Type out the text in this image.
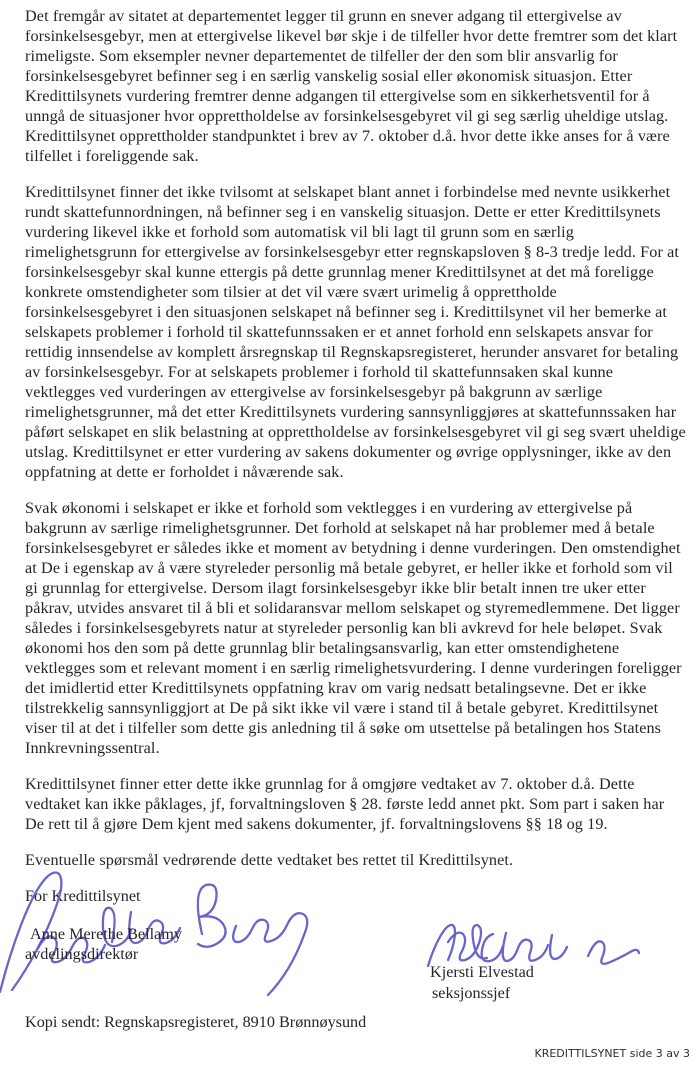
Det fremgår av sitatet at departementet legger til grunn en snever adgang til ettergivelse av forsinkelsesgebyr, men at ettergivelse likevel bør skje i de tilfeller hvor dette fremtrer som det klart rimeligste. Som eksempler nevner departementet de tilfeller der den som blir ansvarlig for forsinkelsesgebyret befinner seg i en særlig vanskelig sosial eller økonomisk situasjon. Etter Kredittilsynets vurdering fremtrer denne adgangen til ettergivelse som en sikkerhetsventil for å unngå de situasjoner hvor opprettholdelse av forsinkelsesgebyret vil gi seg særlig uheldige utslag. Kredittilsynet opprettholder standpunktet i brev av 7. oktober d.å. hvor dette ikke anses for å være tilfellet i foreliggende sak.

Kredittilsynet finner det ikke tvilsomt at selskapet blant annet i forbindelse med nevnte usikkerhet rundt skattefunnordningen, nå befinner seg i en vanskelig situasjon. Dette er etter Kredittilsynets vurdering likevel ikke et forhold som automatisk vil bli lagt til grunn som en særlig rimelighetsgrunn for ettergivelse av forsinkelsesgebyr etter regnskapsloven § 8-3 tredje ledd. For at forsinkelsesgebyr skal kunne ettergis på dette grunnlag mener Kredittilsynet at det må foreligge konkrete omstendigheter som tilsier at det vil være svært urimelig å opprettholde forsinkelsesgebyret i den situasjonen selskapet nå befinner seg i. Kredittilsynet vil her bemerke at selskapets problemer i forhold til skattefunnssaken er et annet forhold enn selskapets ansvar for rettidig innsendelse av komplett årsregnskap til Regnskapsregisteret, herunder ansvaret for betaling av forsinkelsesgebyr. For at selskapets problemer i forhold til skattefunnsaken skal kunne vektlegges ved vurderingen av ettergivelse av forsinkelsesgebyr på bakgrunn av særlige rimelighetsgrunner, må det etter Kredittilsynets vurdering sannsynliggjøres at skattefunnssaken har påført selskapet en slik belastning at opprettholdelse av forsinkelsesgebyret vil gi seg svært uheldige utslag. Kredittilsynet er etter vurdering av sakens dokumenter og øvrige opplysninger, ikke av den oppfatning at dette er forholdet i nåværende sak.

Svak økonomi i selskapet er ikke et forhold som vektlegges i en vurdering av ettergivelse på bakgrunn av særlige rimelighetsgrunner. Det forhold at selskapet nå har problemer med å betale forsinkelsesgebyret er således ikke et moment av betydning i denne vurderingen. Den omstendighet at De i egenskap av å være styreleder personlig må betale gebyret, er heller ikke et forhold som vil gi grunnlag for ettergivelse. Dersom ilagt forsinkelsesgebyr ikke blir betalt innen tre uker etter påkrav, utvides ansvaret til å bli et solidaransvar mellom selskapet og styremedlemmene. Det ligger således i forsinkelsesgebyrets natur at styreleder personlig kan bli avkrevd for hele beløpet. Svak økonomi hos den som på dette grunnlag blir betalingsansvarlig, kan etter omstendighetene vektlegges som et relevant moment i en særlig rimelighetsvurdering. I denne vurderingen foreligger det imidlertid etter Kredittilsynets oppfatning krav om varig nedsatt betalingsevne. Det er ikke tilstrekkelig sannsynliggjort at De på sikt ikke vil være i stand til å betale gebyret. Kredittilsynet viser til at det i tilfeller som dette gis anledning til å søke om utsettelse på betalingen hos Statens Innkrevningssentral.

Kredittilsynet finner etter dette ikke grunnlag for å omgjøre vedtaket av 7. oktober d.å. Dette vedtaket kan ikke påklages, jf, forvaltningsloven § 28. første ledd annet pkt. Som part i saken har De rett til å gjøre Dem kjent med sakens dokumenter, jf. forvaltningslovens §§ 18 og 19.

Eventuelle spørsmål vedrørende dette vedtaket bes rettet til Kredittilsynet.

For Kredittilsynet
Anne Merethe Bellamy
avdelingsdirektør
Kjersti Elvestad
seksjonssjef
Kopi sendt: Regnskapsregisteret, 8910 Brønnøysund
KREDITTILSYNET side 3 av 3
